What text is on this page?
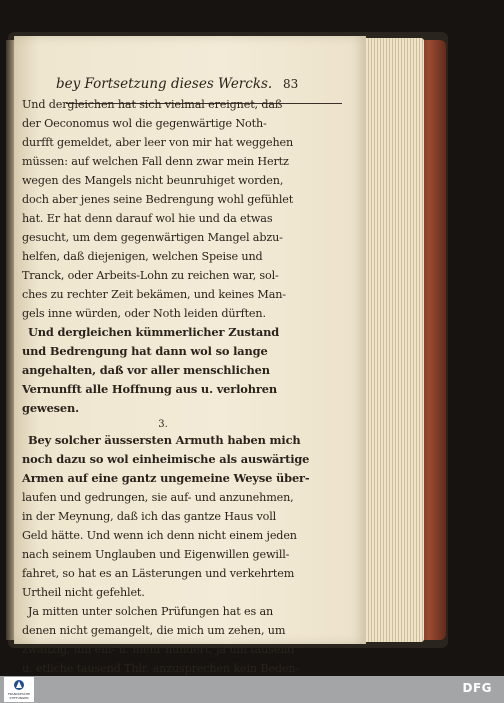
bey Fortsetzung dieses Wercks. 83
Und dergleichen hat sich vielmal ereignet, daß
der Oeconomus wol die gegenwärtige Noth-
durfft gemeldet, aber leer von mir hat weggehen
müssen: auf welchen Fall denn zwar mein Hertz
wegen des Mangels nicht beunruhiget worden,
doch aber jenes seine Bedrengung wohl gefühlet
hat. Er hat denn darauf wol hie und da etwas
gesucht, um dem gegenwärtigen Mangel abzu-
helfen, daß diejenigen, welchen Speise und
Tranck, oder Arbeits-Lohn zu reichen war, sol-
ches zu rechter Zeit bekämen, und keines Man-
gels inne würden, oder Noth leiden dürften.
Und dergleichen kümmerlicher Zustand
und Bedrengung hat dann wol so lange
angehalten, daß vor aller menschlichen
Vernunfft alle Hoffnung aus u. verlohren
gewesen.
3.
Bey solcher äussersten Armuth haben mich
noch dazu so wol einheimische als auswärtige
Armen auf eine gantz ungemeine Weyse über-
laufen und gedrungen, sie auf- und anzunehmen,
in der Meynung, daß ich das gantze Haus voll
Geld hätte. Und wenn ich denn nicht einem jeden
nach seinem Unglauben und Eigenwillen gewill-
fahret, so hat es an Lästerungen und verkehrtem
Urtheil nicht gefehlet.
Ja mitten unter solchen Prüfungen hat es an
denen nicht gemangelt, die mich um zehen, um
zwanzig, um ein- u. mehr hundert, ja um tausend
u. etliche tausend Thlr. anzusprechen kein Beden-
FRANCKESCHE STIFTUNGEN
DFG
